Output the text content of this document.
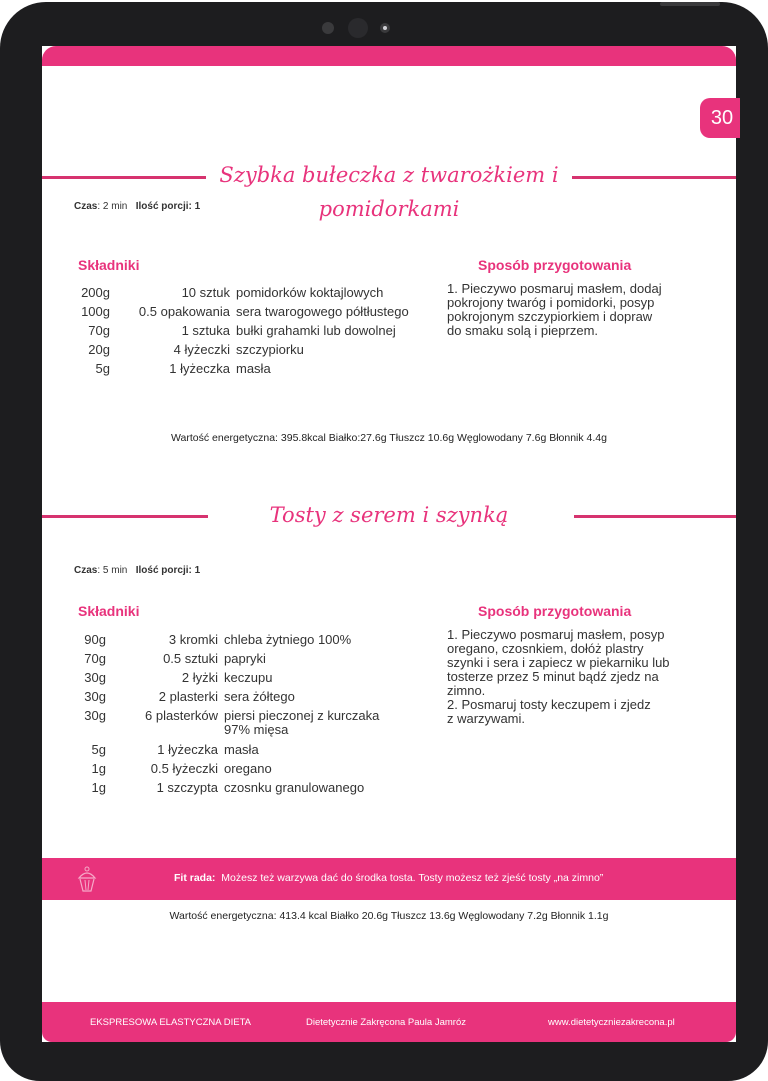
30
Szybka bułeczka z twarożkiem i
pomidorkami
Czas: 2 min Ilość porcji: 1
Składniki	Sposób przygotowania
200g	10 sztuk pomidorków koktajlowych
100g	0.5 opakowania sera twarogowego półtłustego
70g	1 sztuka bułki grahamki lub dowolnej
20g	4 łyżeczki szczypiorku
5g	1 łyżeczka masła

1. Pieczywo posmaruj masłem, dodaj
pokrojony twaróg i pomidorki, posyp
pokrojonym szczypiorkiem i dopraw
do smaku solą i pieprzem.

Wartość energetyczna: 395.8kcal Białko:27.6g Tłuszcz 10.6g Węglowodany 7.6g Błonnik 4.4g
Tosty z serem i szynką
Czas: 5 min Ilość porcji: 1
Składniki	Sposób przygotowania
90g	3 kromki chleba żytniego 100%
70g	0.5 sztuki papryki
30g	2 łyżki keczupu
30g	2 plasterki sera żółtego
30g	6 plasterków piersi pieczonej z kurczaka
97% mięsa
5g	1 łyżeczka masła
1g	0.5 łyżeczki oregano
1g	1 szczypta czosnku granulowanego

1. Pieczywo posmaruj masłem, posyp
oregano, czosnkiem, dołóż plastry
szynki i sera i zapiecz w piekarniku lub
tosterze przez 5 minut bądź zjedz na
zimno.
2. Posmaruj tosty keczupem i zjedz
z warzywami.

Fit rada: Możesz też warzywa dać do środka tosta. Tosty możesz też zjeść tosty „na zimno”
Wartość energetyczna: 413.4 kcal Białko 20.6g Tłuszcz 13.6g Węglowodany 7.2g Błonnik 1.1g
EKSPRESOWA ELASTYCZNA DIETA	Dietetycznie Zakręcona Paula Jamróz	www.dietetyczniezakrecona.pl
